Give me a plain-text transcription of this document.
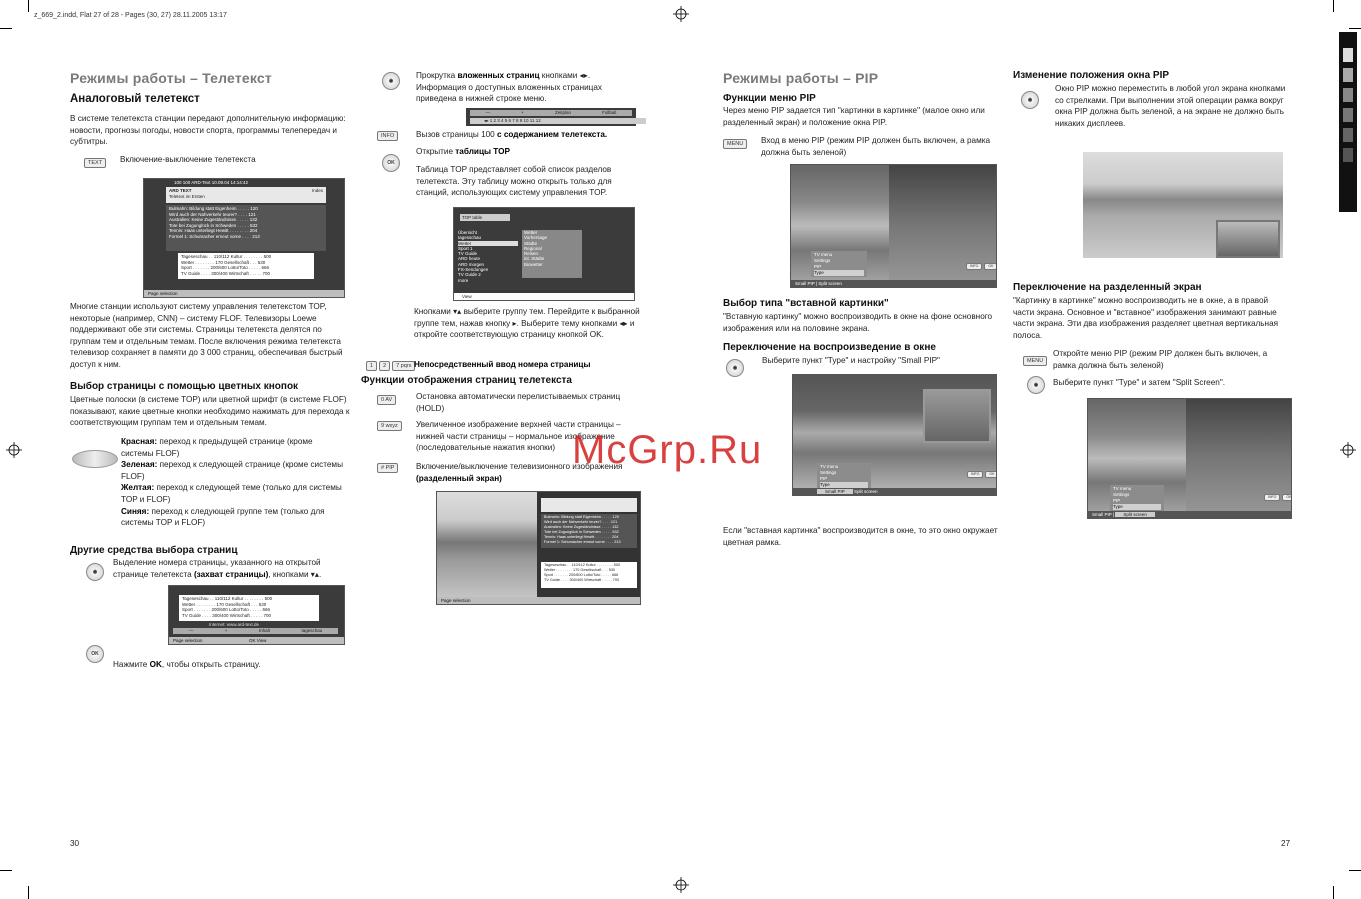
z_669_2.indd, Flat 27 of 28 - Pages (30, 27) 28.11.2005 13:17
Режимы работы – Телетекст
Аналоговый телетекст
В системе телетекста станции передают дополнительную информацию: новости, прогнозы погоды, новости спорта, программы телепередач и субтитры.
TEXT	Включение-выключение телетекста
100 100 ARD-Text 10.09.04 14:14:42
ARD TEXT
Teletext im Ersten
Index
Bulmahn: Bildung statt Eigenheim . . . . . 120
Wird auch der Nahverkehr teurer? . . . . 121
Australien: Keine Zugeständnisse . . . . . 132
Tote bei Zugunglück in Schweden . . . . . 532
Tennis: Haas unterliegt Hewitt . . . . . . . . 204
Formel 1: Schumacher erneut vorne . . . . 213
Tageseschau . . 110/112 Kultur . . . . . . . . 500
Wetter . . . . . . . . 170 Gesellschaft . . . 530
Sport . . . . . . . 200/600 Lotto/Toto . . . . . 666
TV Guide . . . . 300/400 Wirtschaft . . . . . 700
Page selection
Многие станции используют систему управления телетекстом TOP, некоторые (например, CNN) – систему FLOF. Телевизоры Loewe поддерживают обе эти системы. Страницы телетекста делятся по группам тем и отдельным темам. После включения режима телетекста телевизор сохраняет в памяти до 3 000 страниц, обеспечивая быстрый доступ к ним.
Выбор страницы с помощью цветных кнопок
Цветные полоски (в системе TOP) или цветной шрифт (в системе FLOF) показывают, какие цветные кнопки необходимо нажимать для перехода к соответствующим группам тем и отдельным темам.
Красная: переход к предыдущей странице (кроме системы FLOF)
Зеленая: переход к следующей странице (кроме системы FLOF)
Желтая: переход к следующей теме (только для системы TOP и FLOF)
Синяя: переход к следующей группе тем (только для системы TOP и FLOF)
Другие средства выбора страниц
◉
Выделение номера страницы, указанного на открытой странице телетекста (захват страницы), кнопками ▾▴.
Tageseschau . . 110/112 Kultur . . . . . . . . 500
Wetter . . . . . . . . 170 Gesellschaft . . . 530
Sport . . . . . . . 200/600 Lotto/Toto . . . . . 666
TV Guide . . . . 300/400 Wirtschaft . . . . . 700
Internet: www.ard-text.de
—	+	Inhalt	tageschau
Page selection	OK View
OK
Нажмите OK, чтобы открыть страницу.
30
◉
Прокрутка вложенных страниц кнопками ◂▸. Информация о доступных вложенных страницах приведена в нижней строке меню.
—	+	Zeitplan	Fullball
◂▸ 1 2 3 4 5 6 7 8 9 10 11 12
INFO	Вызов страницы 100 с содержанием телетекста.
OK
Открытие таблицы TOP
Таблица TOP представляет собой список разделов телетекста. Эту таблицу можно открыть только для станций, использующих систему управления TOP.
TOP table
Übersicht
tagesschau
Wetter
Sport 1
TV Guide
ARD heute
ARD morgen
FS-Sendungen
TV Guide 2
more
Wetter
Vorhersage
Städte
Regional
Reisen
int. Städte
Biowetter
View
Кнопками ▾▴ выберите группу тем. Перейдите к выбранной группе тем, нажав кнопку ▸. Выберите тему кнопками ◂▸ и откройте соответствующую страницу кнопкой OK.
1	2	7 pqrs Непосредственный ввод номера страницы
Функции отображения страниц телетекста
0 AV	Остановка автоматически перелистываемых страниц (HOLD)
9 wxyz	Увеличенное изображение верхней части страницы – нижней части страницы – нормальное изображение (последовательные нажатия кнопки)
# PIP	Включение/выключение телевизионного изображения (разделенный экран)
Bulmahn: Bildung statt Eigenheim . . . . . 120
Wird auch der Nahverkehr teurer? . . . . 121
Australien: Keine Zugeständnisse . . . . . 132
Tote bei Zugunglück in Schweden . . . . . 532
Tennis: Haas unterliegt Hewitt . . . . . . . . 204
Formel 1: Schumacher erneut vorne . . . . 213
Tageseschau . . 110/112 Kultur . . . . . . . . 500
Wetter . . . . . . . . 170 Gesellschaft . . . 530
Sport . . . . . . . 200/600 Lotto/Toto . . . . . 666
TV Guide . . . . 300/400 Wirtschaft . . . . . 700
Page selection
Режимы работы – PIP
Функции меню PIP
Через меню PIP задается тип "картинки в картинке" (малое окно или разделенный экран) и положение окна PIP.
MENU	Вход в меню PIP (режим PIP должен быть включен, а рамка должна быть зеленой)
TV menu
Settings
PIP
Type
INFO	OK
Small PIP | Split screen
Выбор типа "вставной картинки"
"Вставную картинку" можно воспроизводить в окне на фоне основного изображения или на половине экрана.
Переключение на воспроизведение в окне
◉
Выберите пункт "Type" и настройку "Small PIP"
TV menu
Settings
PIP
Type
INFO	OK
Small PIP Split screen
Если "вставная картинка" воспроизводится в окне, то это окно окружает цветная рамка.
Изменение положения окна PIP
◉
Окно PIP можно переместить в любой угол экрана кнопками со стрелками. При выполнении этой операции рамка вокруг окна PIP должна быть зеленой, а на экране не должно быть никаких дисплеев.
Переключение на разделенный экран
"Картинку в картинке" можно воспроизводить не в окне, а в правой части экрана. Основное и "вставное" изображения занимают равные части экрана. Эти два изображения разделяет цветная вертикальная полоса.
MENU
Откройте меню PIP (режим PIP должен быть включен, а рамка должна быть зеленой)
◉	Выберите пункт "Type" и затем "Split Screen".
TV menu
Settings
PIP
Type
INFO	OK
Small PIP | Split screen
27
McGrp.Ru
